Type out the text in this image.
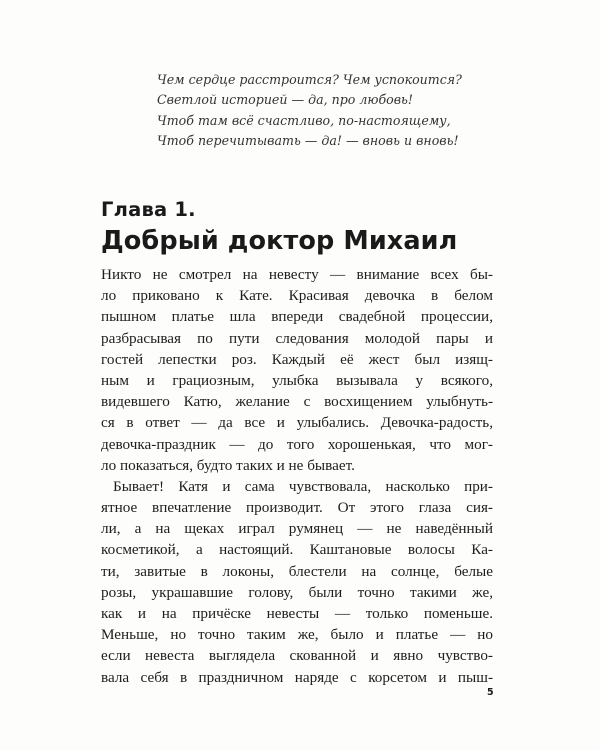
Чем сердце расстроится? Чем успокоится?
Светлой историей — да, про любовь!
Чтоб там всё счастливо, по-настоящему,
Чтоб перечитывать — да! — вновь и вновь!
Глава 1.
Добрый доктор Михаил
Никто не смотрел на невесту — внимание всех бы-
ло приковано к Кате. Красивая девочка в белом
пышном платье шла впереди свадебной процессии,
разбрасывая по пути следования молодой пары и
гостей лепестки роз. Каждый её жест был изящ-
ным и грациозным, улыбка вызывала у всякого,
видевшего Катю, желание с восхищением улыбнуть-
ся в ответ — да все и улыбались. Девочка-радость,
девочка-праздник — до того хорошенькая, что мог-
ло показаться, будто таких и не бывает.
Бывает! Катя и сама чувствовала, насколько при-
ятное впечатление производит. От этого глаза сия-
ли, а на щеках играл румянец — не наведённый
косметикой, а настоящий. Каштановые волосы Ка-
ти, завитые в локоны, блестели на солнце, белые
розы, украшавшие голову, были точно такими же,
как и на причёске невесты — только поменьше.
Меньше, но точно таким же, было и платье — но
если невеста выглядела скованной и явно чувство-
вала себя в праздничном наряде с корсетом и пыш-
5
